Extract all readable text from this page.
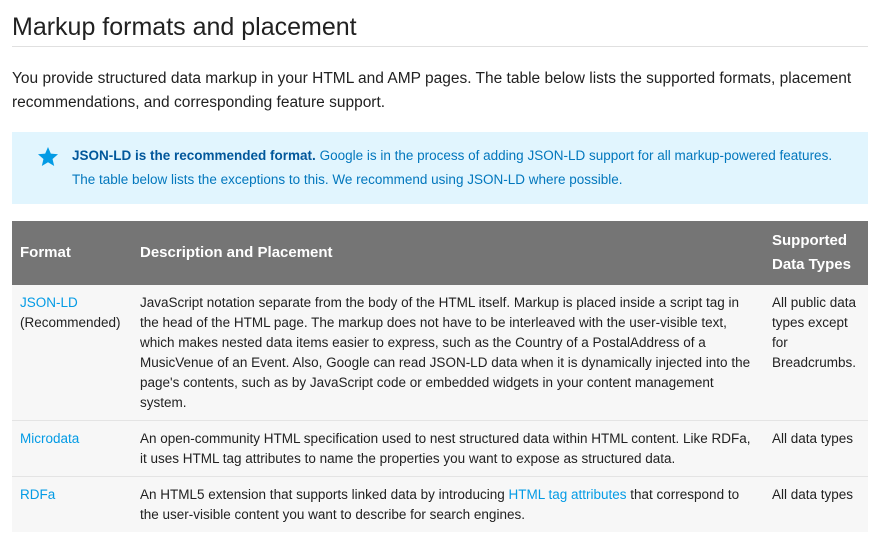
Markup formats and placement

You provide structured data markup in your HTML and AMP pages. The table below lists the supported formats, placement recommendations, and corresponding feature support.

JSON-LD is the recommended format. Google is in the process of adding JSON-LD support for all markup-powered features. The table below lists the exceptions to this. We recommend using JSON-LD where possible.
Format	Description and Placement	Supported Data Types
JSON-LD
(Recommended)	JavaScript notation separate from the body of the HTML itself. Markup is placed inside a script tag in the head of the HTML page. The markup does not have to be interleaved with the user-visible text, which makes nested data items easier to express, such as the Country of a PostalAddress of a MusicVenue of an Event. Also, Google can read JSON-LD data when it is dynamically injected into the page's contents, such as by JavaScript code or embedded widgets in your content management system.	All public data types except for Breadcrumbs.
Microdata	An open-community HTML specification used to nest structured data within HTML content. Like RDFa, it uses HTML tag attributes to name the properties you want to expose as structured data.	All data types
RDFa	An HTML5 extension that supports linked data by introducing HTML tag attributes that correspond to the user-visible content you want to describe for search engines.	All data types
